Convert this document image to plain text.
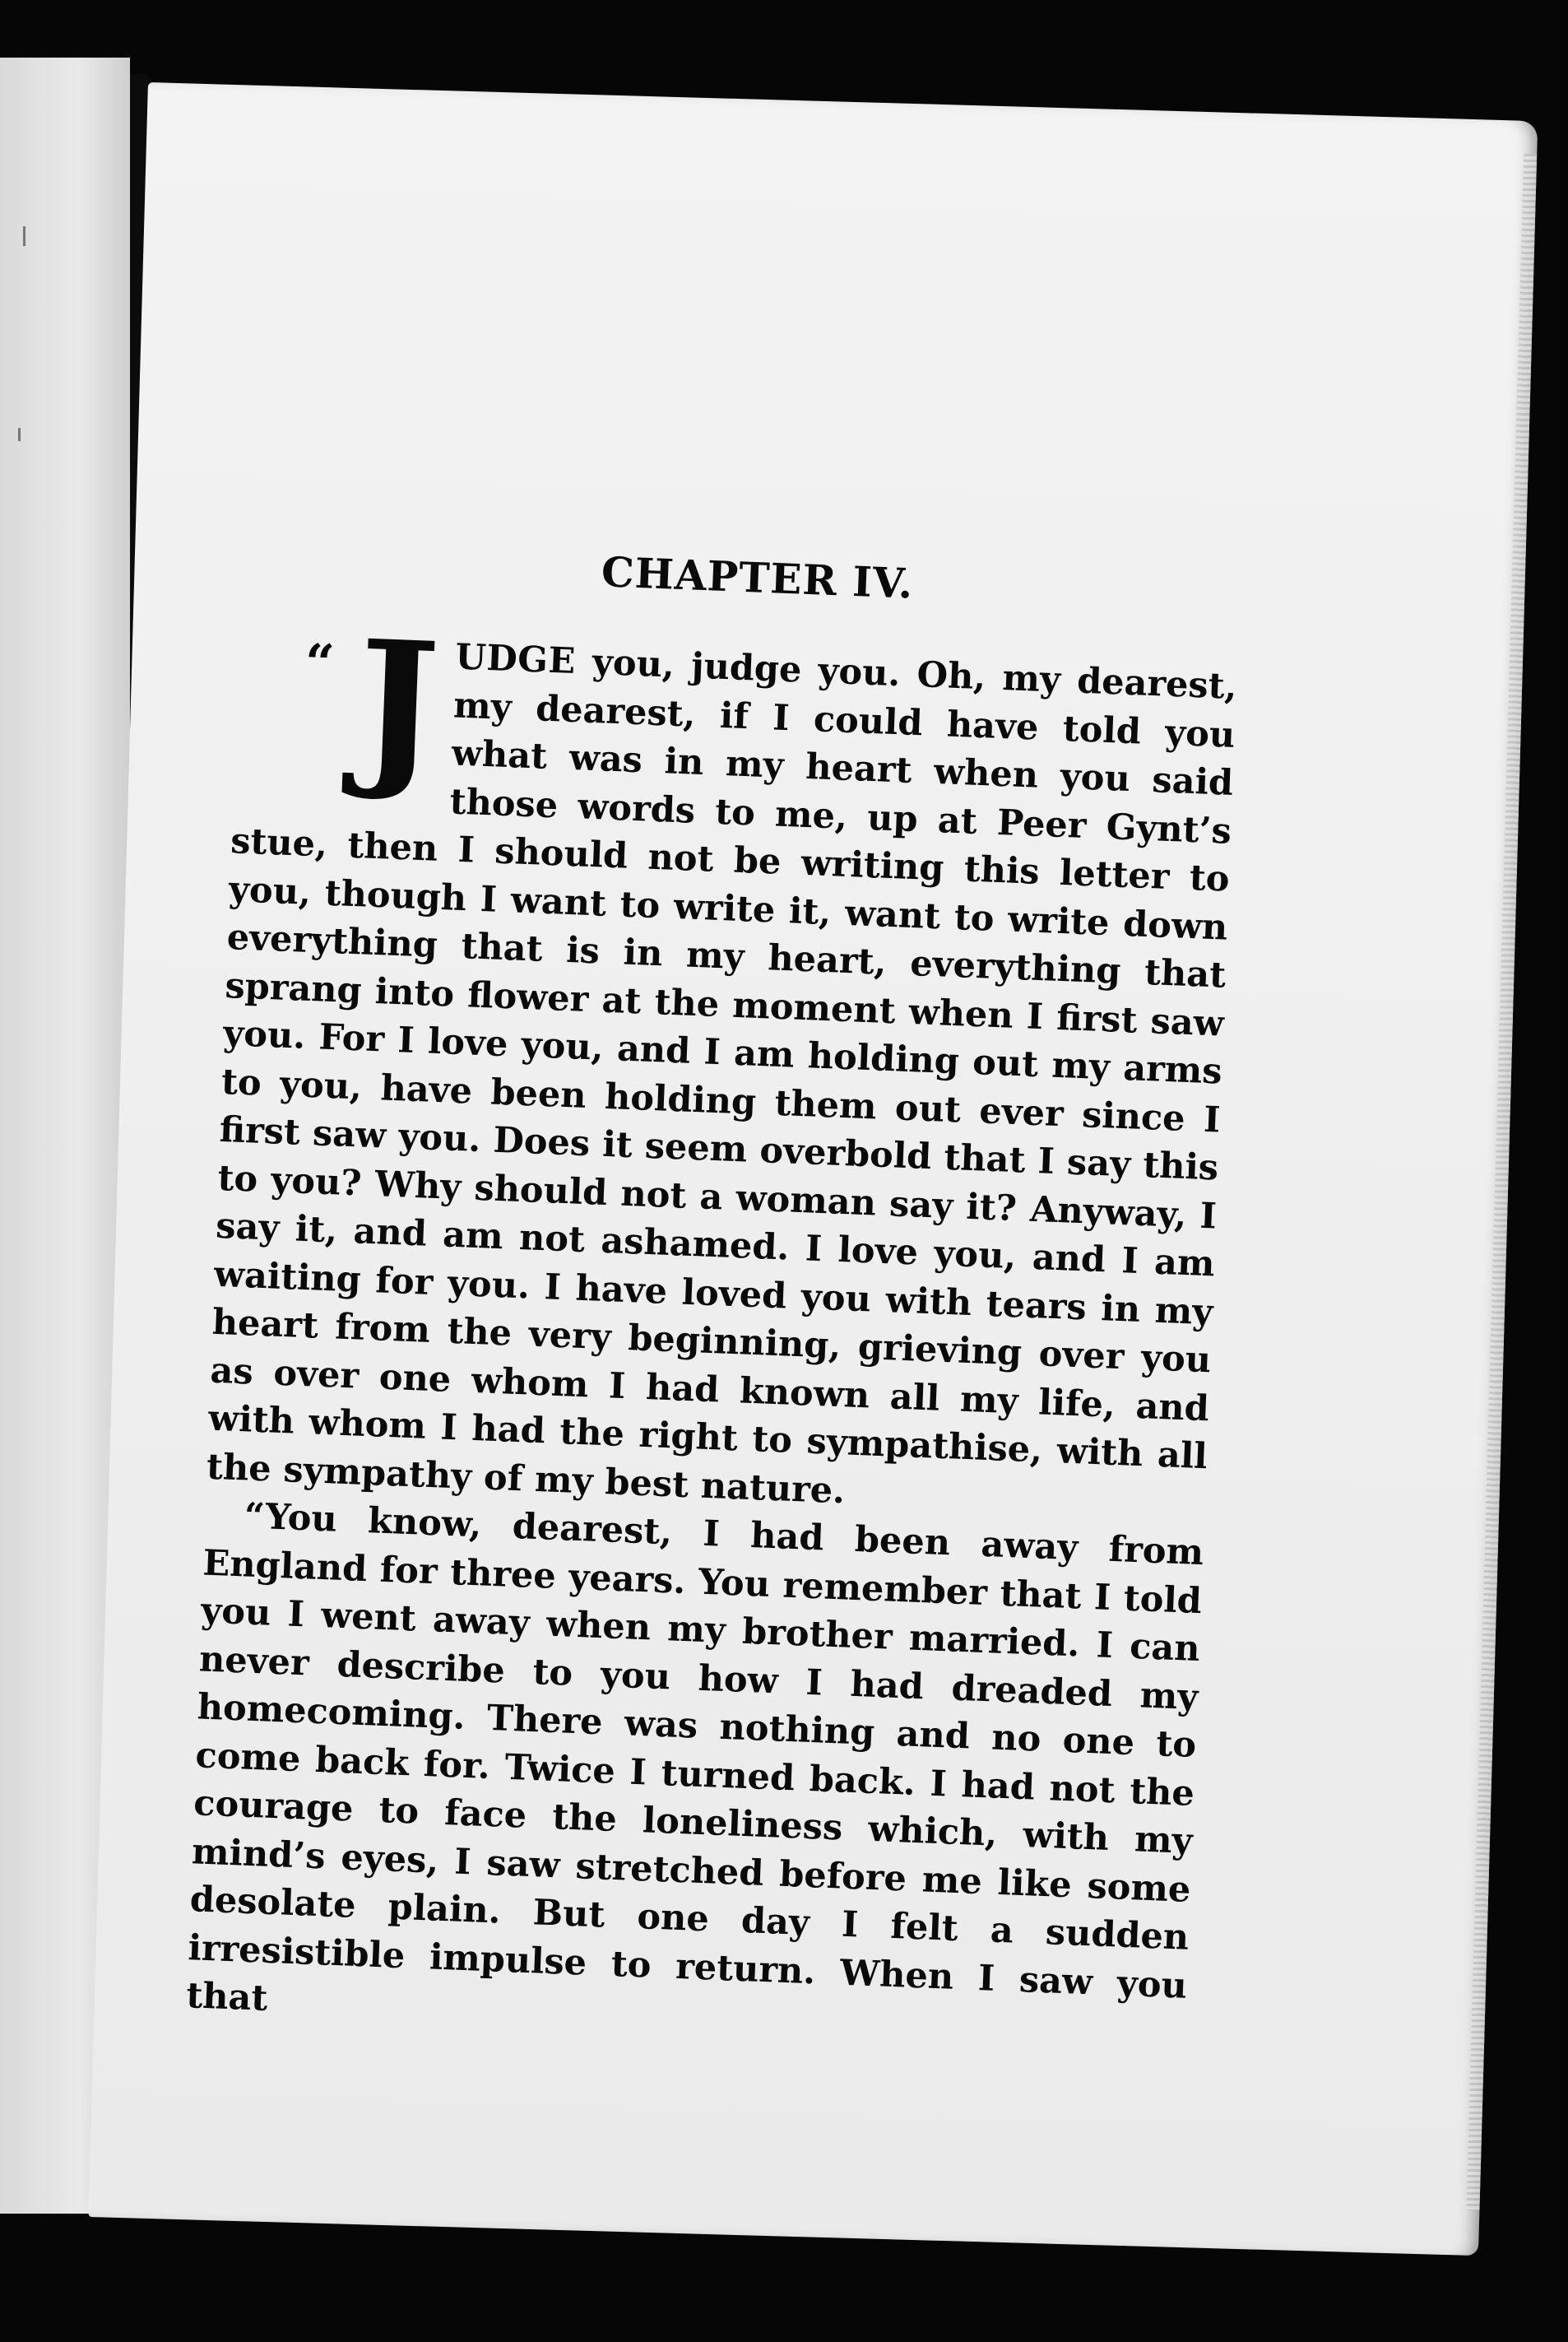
CHAPTER IV.

“ J UDGE you, judge you. Oh, my dearest, my dearest, if I could have told you what was in my heart when you said those words to me, up at Peer Gynt’s stue, then I should not be writing this letter to you, though I want to write it, want to write down everything that is in my heart, everything that sprang into flower at the moment when I first saw you. For I love you, and I am holding out my arms to you, have been holding them out ever since I first saw you. Does it seem overbold that I say this to you? Why should not a woman say it? Anyway, I say it, and am not ashamed. I love you, and I am waiting for you. I have loved you with tears in my heart from the very beginning, grieving over you as over one whom I had known all my life, and with whom I had the right to sympathise, with all the sympathy of my best nature.

“You know, dearest, I had been away from England for three years. You remember that I told you I went away when my brother married. I can never describe to you how I had dreaded my homecoming. There was nothing and no one to come back for. Twice I turned back. I had not the courage to face the loneliness which, with my mind’s eyes, I saw stretched before me like some desolate plain. But one day I felt a sudden irresistible impulse to return. When I saw you that
